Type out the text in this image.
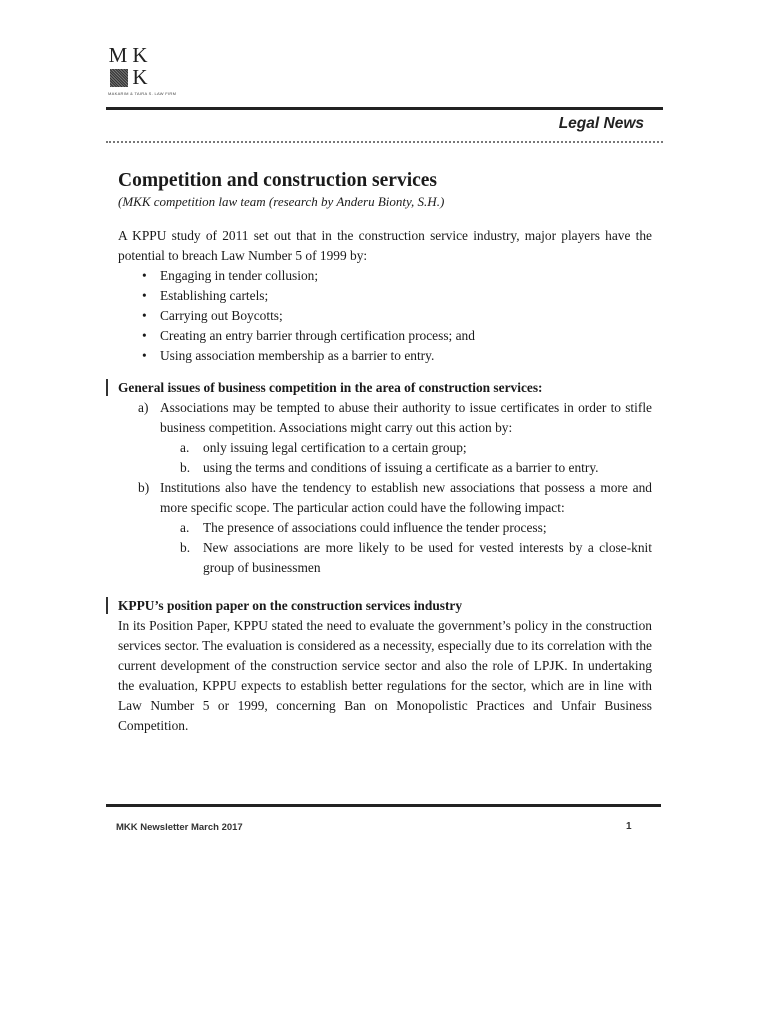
M K
K
MAKARIM & TAIRA S. LAW FIRM
Legal News
Competition and construction services
(MKK competition law team (research by Anderu Bionty, S.H.)

A KPPU study of 2011 set out that in the construction service industry, major players have the potential to breach Law Number 5 of 1999 by:

• Engaging in tender collusion;
• Establishing cartels;
• Carrying out Boycotts;
• Creating an entry barrier through certification process; and
• Using association membership as a barrier to entry.
General issues of business competition in the area of construction services:
a) Associations may be tempted to abuse their authority to issue certificates in order to stifle business competition. Associations might carry out this action by:
a. only issuing legal certification to a certain group;
b. using the terms and conditions of issuing a certificate as a barrier to entry.
b) Institutions also have the tendency to establish new associations that possess a more and more specific scope. The particular action could have the following impact:
a. The presence of associations could influence the tender process;
b. New associations are more likely to be used for vested interests by a close-knit group of businessmen
KPPU’s position paper on the construction services industry

In its Position Paper, KPPU stated the need to evaluate the government’s policy in the construction services sector. The evaluation is considered as a necessity, especially due to its correlation with the current development of the construction service sector and also the role of LPJK. In undertaking the evaluation, KPPU expects to establish better regulations for the sector, which are in line with Law Number 5 or 1999, concerning Ban on Monopolistic Practices and Unfair Business Competition.

MKK Newsletter March 2017	1
